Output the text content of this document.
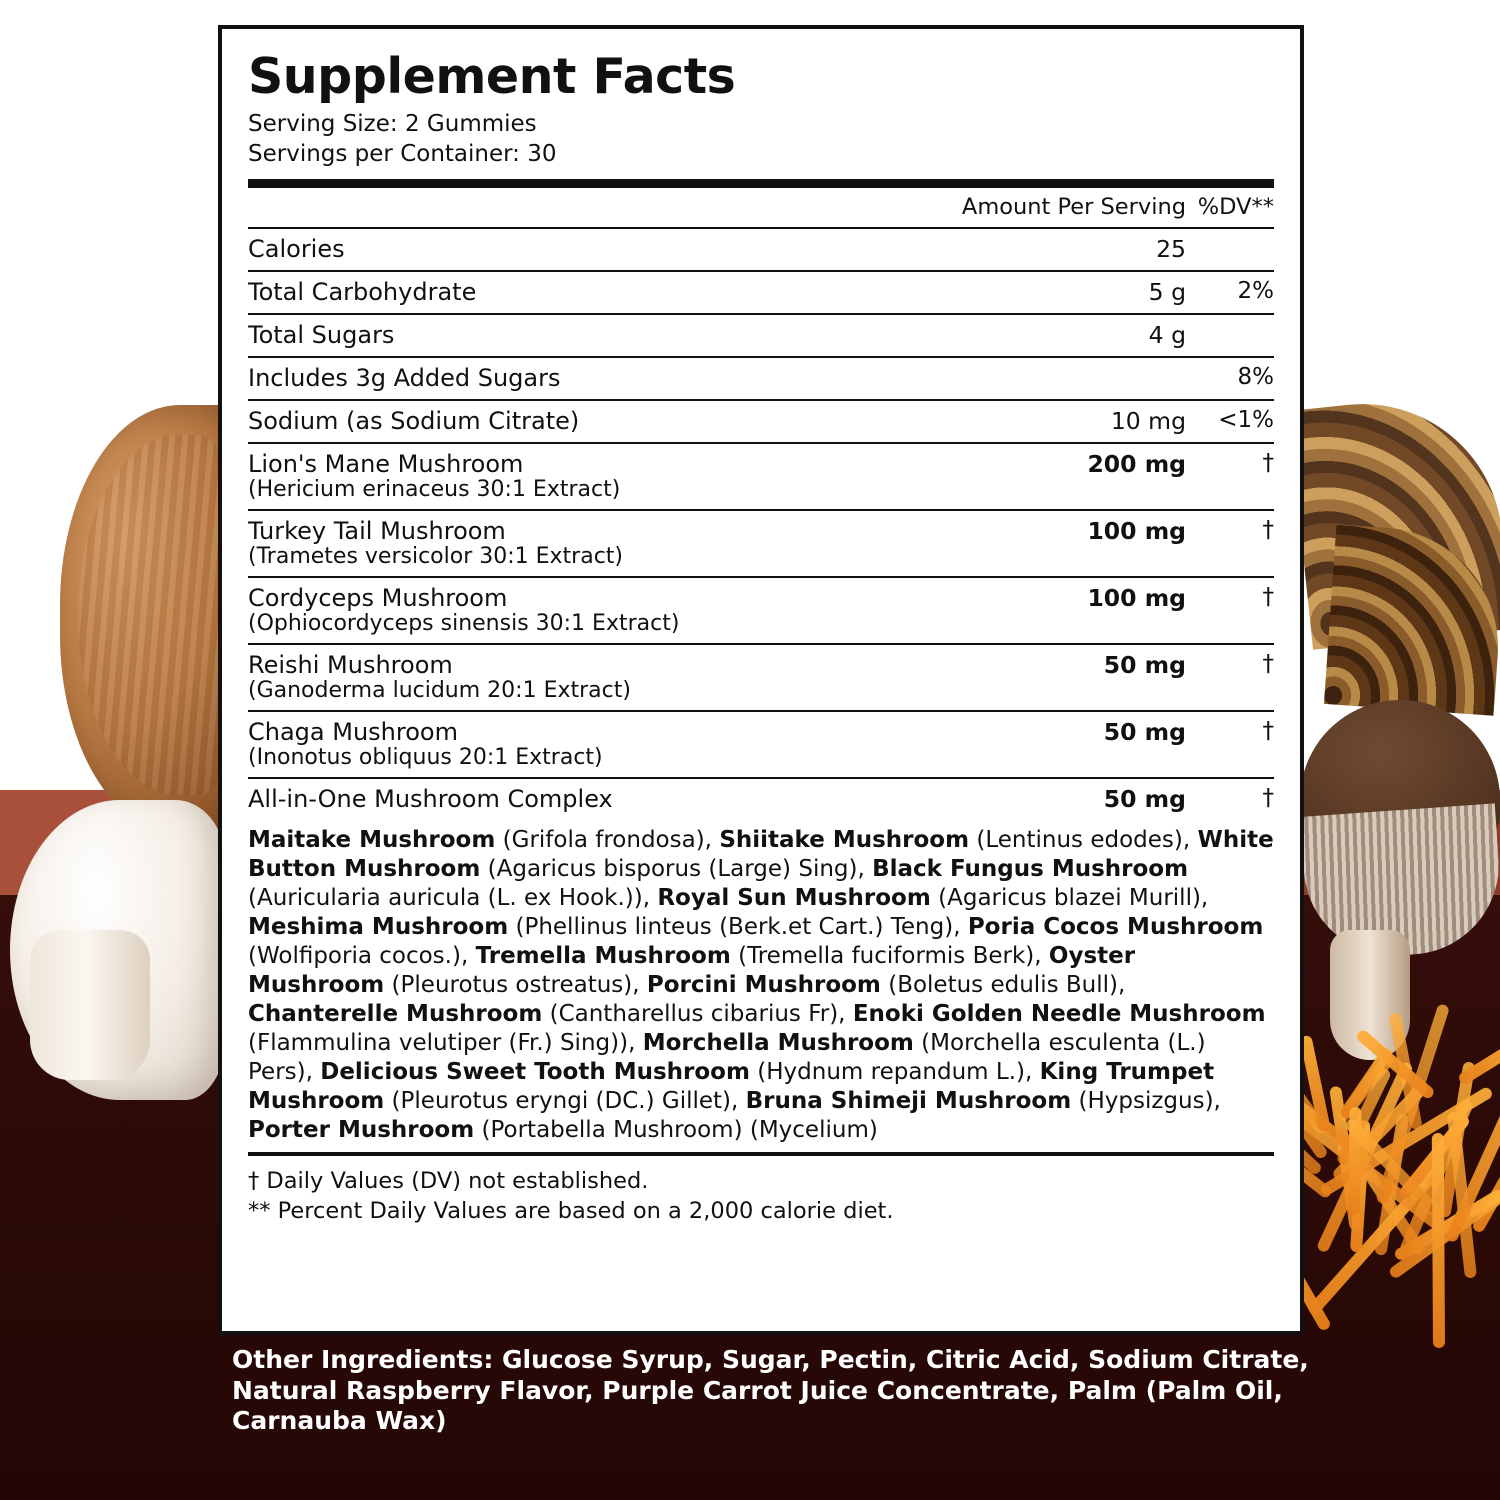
Supplement Facts
Serving Size: 2 Gummies
Servings per Container: 30
	Amount Per Serving	%DV**
Calories	25	
Total Carbohydrate	5 g	2%
Total Sugars	4 g	
Includes 3g Added Sugars		8%
Sodium (as Sodium Citrate)	10 mg	<1%
Lion's Mane Mushroom
(Hericium erinaceus 30:1 Extract)	200 mg	†
Turkey Tail Mushroom
(Trametes versicolor 30:1 Extract)	100 mg	†
Cordyceps Mushroom
(Ophiocordyceps sinensis 30:1 Extract)	100 mg	†
Reishi Mushroom
(Ganoderma lucidum 20:1 Extract)	50 mg	†
Chaga Mushroom
(Inonotus obliquus 20:1 Extract)	50 mg	†
All-in-One Mushroom Complex	50 mg	†
Maitake Mushroom (Grifola frondosa), Shiitake Mushroom (Lentinus edodes), White Button Mushroom (Agaricus bisporus (Large) Sing), Black Fungus Mushroom (Auricularia auricula (L. ex Hook.)), Royal Sun Mushroom (Agaricus blazei Murill), Meshima Mushroom (Phellinus linteus (Berk.et Cart.) Teng), Poria Cocos Mushroom (Wolfiporia cocos.), Tremella Mushroom (Tremella fuciformis Berk), Oyster Mushroom (Pleurotus ostreatus), Porcini Mushroom (Boletus edulis Bull), Chanterelle Mushroom (Cantharellus cibarius Fr), Enoki Golden Needle Mushroom (Flammulina velutiper (Fr.) Sing)), Morchella Mushroom (Morchella esculenta (L.) Pers), Delicious Sweet Tooth Mushroom (Hydnum repandum L.), King Trumpet Mushroom (Pleurotus eryngi (DC.) Gillet), Bruna Shimeji Mushroom (Hypsizgus), Porter Mushroom (Portabella Mushroom) (Mycelium)		
† Daily Values (DV) not established.
** Percent Daily Values are based on a 2,000 calorie diet.
Other Ingredients: Glucose Syrup, Sugar, Pectin, Citric Acid, Sodium Citrate, Natural Raspberry Flavor, Purple Carrot Juice Concentrate, Palm (Palm Oil, Carnauba Wax)
